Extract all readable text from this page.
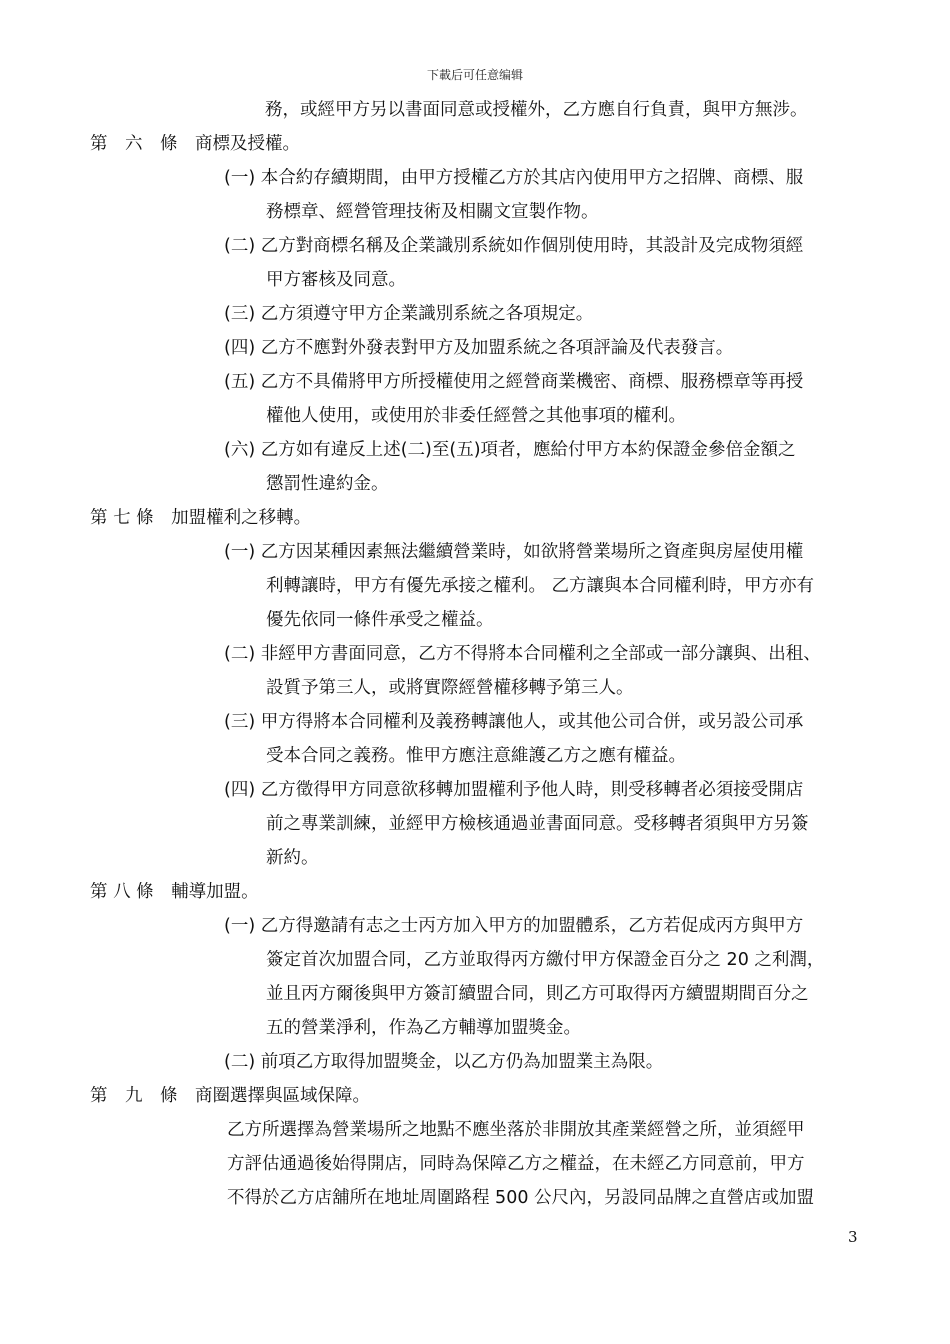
下載后可任意编辑
務，或經甲方另以書面同意或授權外，乙方應自行負責，與甲方無涉。
第　六　條　商標及授權。
(一) 本合約存續期間，由甲方授權乙方於其店內使用甲方之招牌、商標、服
務標章、經營管理技術及相關文宣製作物。
(二) 乙方對商標名稱及企業識別系統如作個別使用時，其設計及完成物須經
甲方審核及同意。
(三) 乙方須遵守甲方企業識別系統之各項規定。
(四) 乙方不應對外發表對甲方及加盟系統之各項評論及代表發言。
(五) 乙方不具備將甲方所授權使用之經營商業機密、商標、服務標章等再授
權他人使用，或使用於非委任經營之其他事項的權利。
(六) 乙方如有違反上述(二)至(五)項者，應給付甲方本約保證金參倍金額之
懲罰性違約金。
第 七 條　加盟權利之移轉。
(一) 乙方因某種因素無法繼續營業時，如欲將營業場所之資產與房屋使用權
利轉讓時，甲方有優先承接之權利。 乙方讓與本合同權利時，甲方亦有
優先依同一條件承受之權益。
(二) 非經甲方書面同意，乙方不得將本合同權利之全部或一部分讓與、出租、
設質予第三人，或將實際經營權移轉予第三人。
(三) 甲方得將本合同權利及義務轉讓他人，或其他公司合併，或另設公司承
受本合同之義務。惟甲方應注意維護乙方之應有權益。
(四) 乙方徵得甲方同意欲移轉加盟權利予他人時，則受移轉者必須接受開店
前之專業訓練，並經甲方檢核通過並書面同意。受移轉者須與甲方另簽
新約。
第 八 條　輔導加盟。
(一) 乙方得邀請有志之士丙方加入甲方的加盟體系，乙方若促成丙方與甲方
簽定首次加盟合同，乙方並取得丙方繳付甲方保證金百分之 20 之利潤，
並且丙方爾後與甲方簽訂續盟合同，則乙方可取得丙方續盟期間百分之
五的營業淨利，作為乙方輔導加盟獎金。
(二) 前項乙方取得加盟獎金，以乙方仍為加盟業主為限。
第　九　條　商圈選擇與區域保障。
乙方所選擇為營業場所之地點不應坐落於非開放其產業經營之所，並須經甲
方評估通過後始得開店，同時為保障乙方之權益，在未經乙方同意前，甲方
不得於乙方店舖所在地址周圍路程 500 公尺內，另設同品牌之直營店或加盟
3
